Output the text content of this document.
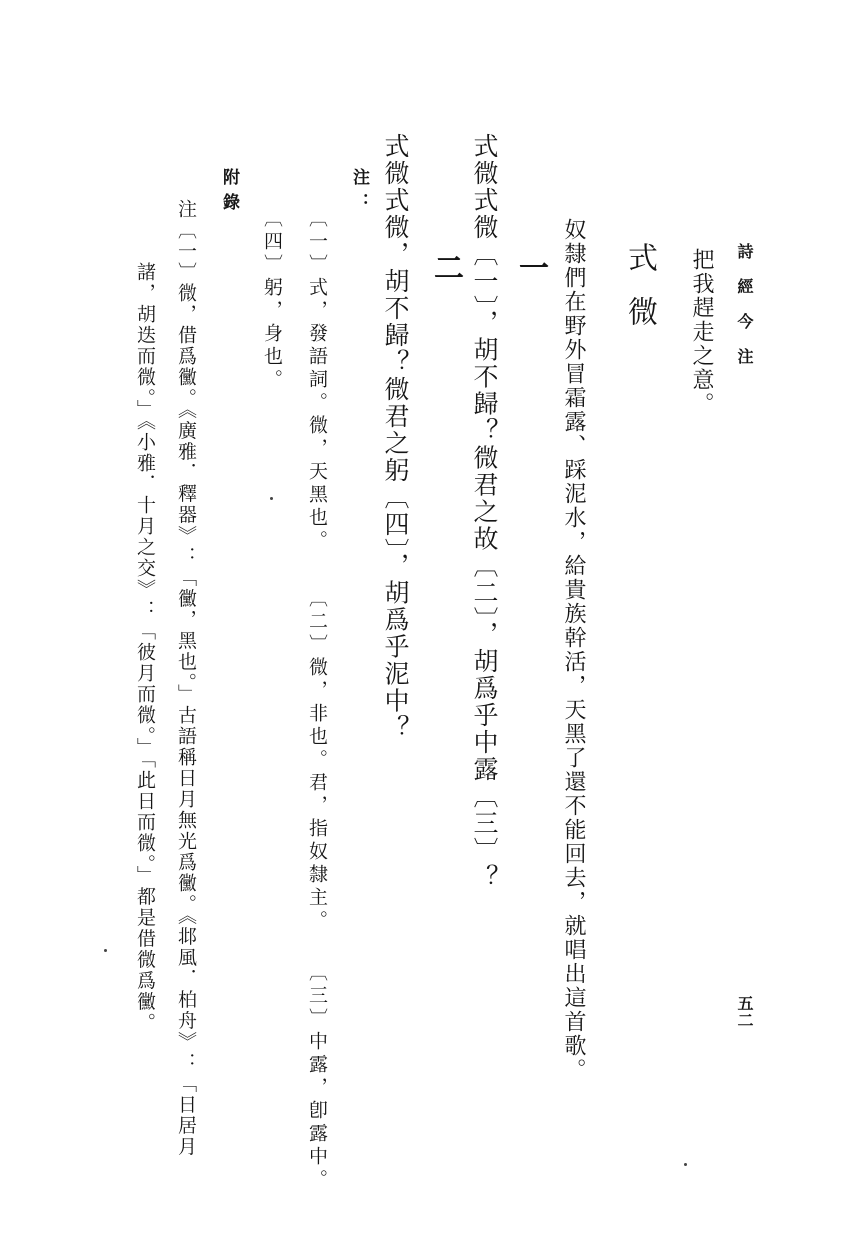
詩經今注
五二
把我趕走之意。
式微
奴隸們在野外冒霜露、踩泥水，給貴族幹活，天黑了還不能回去，就唱出這首歌。
一
式微式微〔一〕，胡不歸？微君之故〔二〕，胡爲乎中露〔三〕？
二
式微式微，胡不歸？微君之躬〔四〕，胡爲乎泥中？
注：
〔一〕式，發語詞。微，天黑也。
〔二〕微，非也。君，指奴隸主。
〔三〕中露，卽露中。
〔四〕躬，身也。
附錄
注〔一〕微，借爲黴。《廣雅．釋器》：「黴，黑也。」古語稱日月無光爲黴。《邶風．柏舟》：「日居月
諸，胡迭而微。」《小雅．十月之交》：「彼月而微。」「此日而微。」都是借微爲黴。
